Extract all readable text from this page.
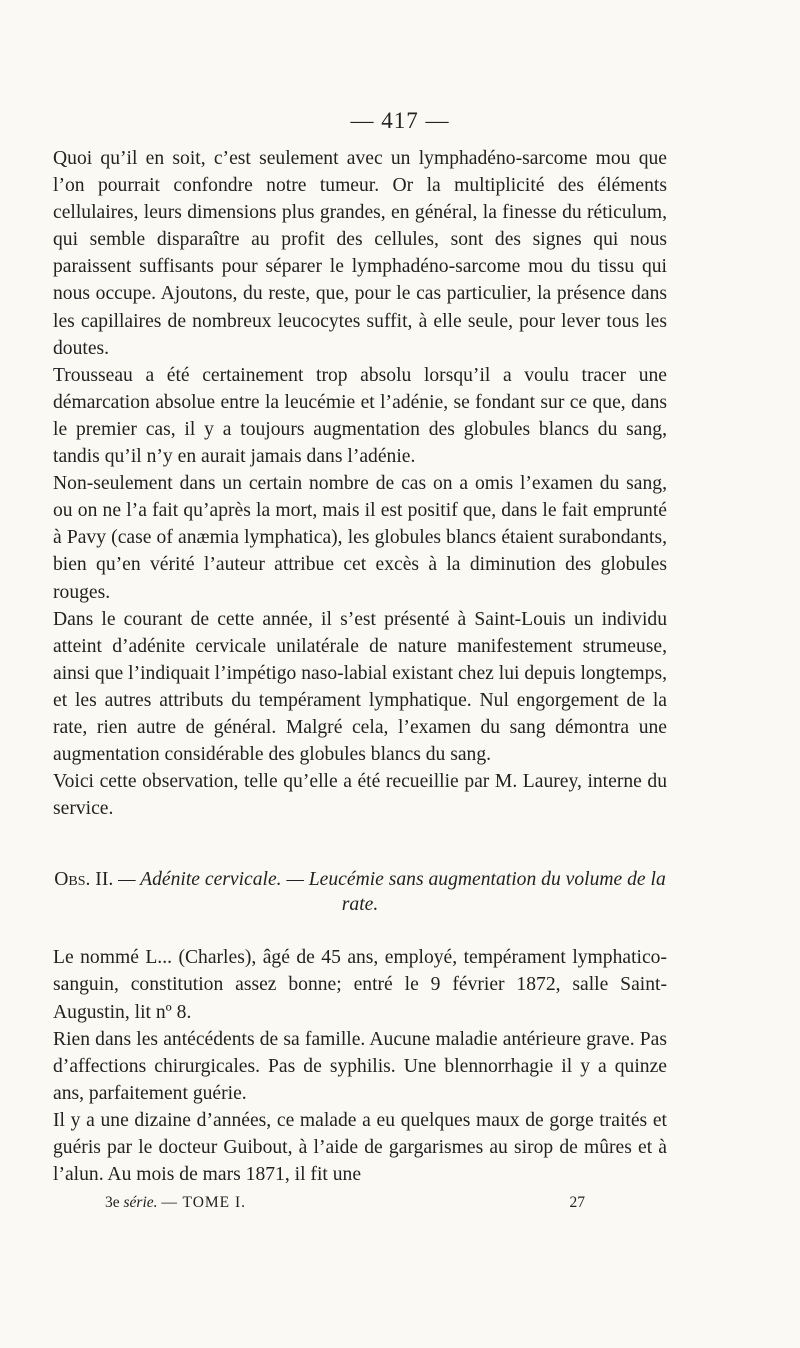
— 417 —

Quoi qu’il en soit, c’est seulement avec un lymphadéno-sarcome mou que l’on pourrait confondre notre tumeur. Or la multiplicité des éléments cellulaires, leurs dimensions plus grandes, en général, la finesse du réticulum, qui semble disparaître au profit des cellules, sont des signes qui nous paraissent suffisants pour séparer le lymphadéno-sarcome mou du tissu qui nous occupe. Ajoutons, du reste, que, pour le cas particulier, la présence dans les capillaires de nombreux leucocytes suffit, à elle seule, pour lever tous les doutes.

Trousseau a été certainement trop absolu lorsqu’il a voulu tracer une démarcation absolue entre la leucémie et l’adénie, se fondant sur ce que, dans le premier cas, il y a toujours augmentation des globules blancs du sang, tandis qu’il n’y en aurait jamais dans l’adénie.

Non-seulement dans un certain nombre de cas on a omis l’examen du sang, ou on ne l’a fait qu’après la mort, mais il est positif que, dans le fait emprunté à Pavy (case of anæmia lymphatica), les globules blancs étaient surabondants, bien qu’en vérité l’auteur attribue cet excès à la diminution des globules rouges.

Dans le courant de cette année, il s’est présenté à Saint-Louis un individu atteint d’adénite cervicale unilatérale de nature manifestement strumeuse, ainsi que l’indiquait l’impétigo naso-labial existant chez lui depuis longtemps, et les autres attributs du tempérament lymphatique. Nul engorgement de la rate, rien autre de général. Malgré cela, l’examen du sang démontra une augmentation considérable des globules blancs du sang.

Voici cette observation, telle qu’elle a été recueillie par M. Laurey, interne du service.

Obs. II. — Adénite cervicale. — Leucémie sans augmentation du volume de la rate.

Le nommé L... (Charles), âgé de 45 ans, employé, tempérament lymphatico-sanguin, constitution assez bonne; entré le 9 février 1872, salle Saint-Augustin, lit nº 8.

Rien dans les antécédents de sa famille. Aucune maladie antérieure grave. Pas d’affections chirurgicales. Pas de syphilis. Une blennorrhagie il y a quinze ans, parfaitement guérie.

Il y a une dizaine d’années, ce malade a eu quelques maux de gorge traités et guéris par le docteur Guibout, à l’aide de gargarismes au sirop de mûres et à l’alun. Au mois de mars 1871, il fit une

3e série. — TOME I.	27
